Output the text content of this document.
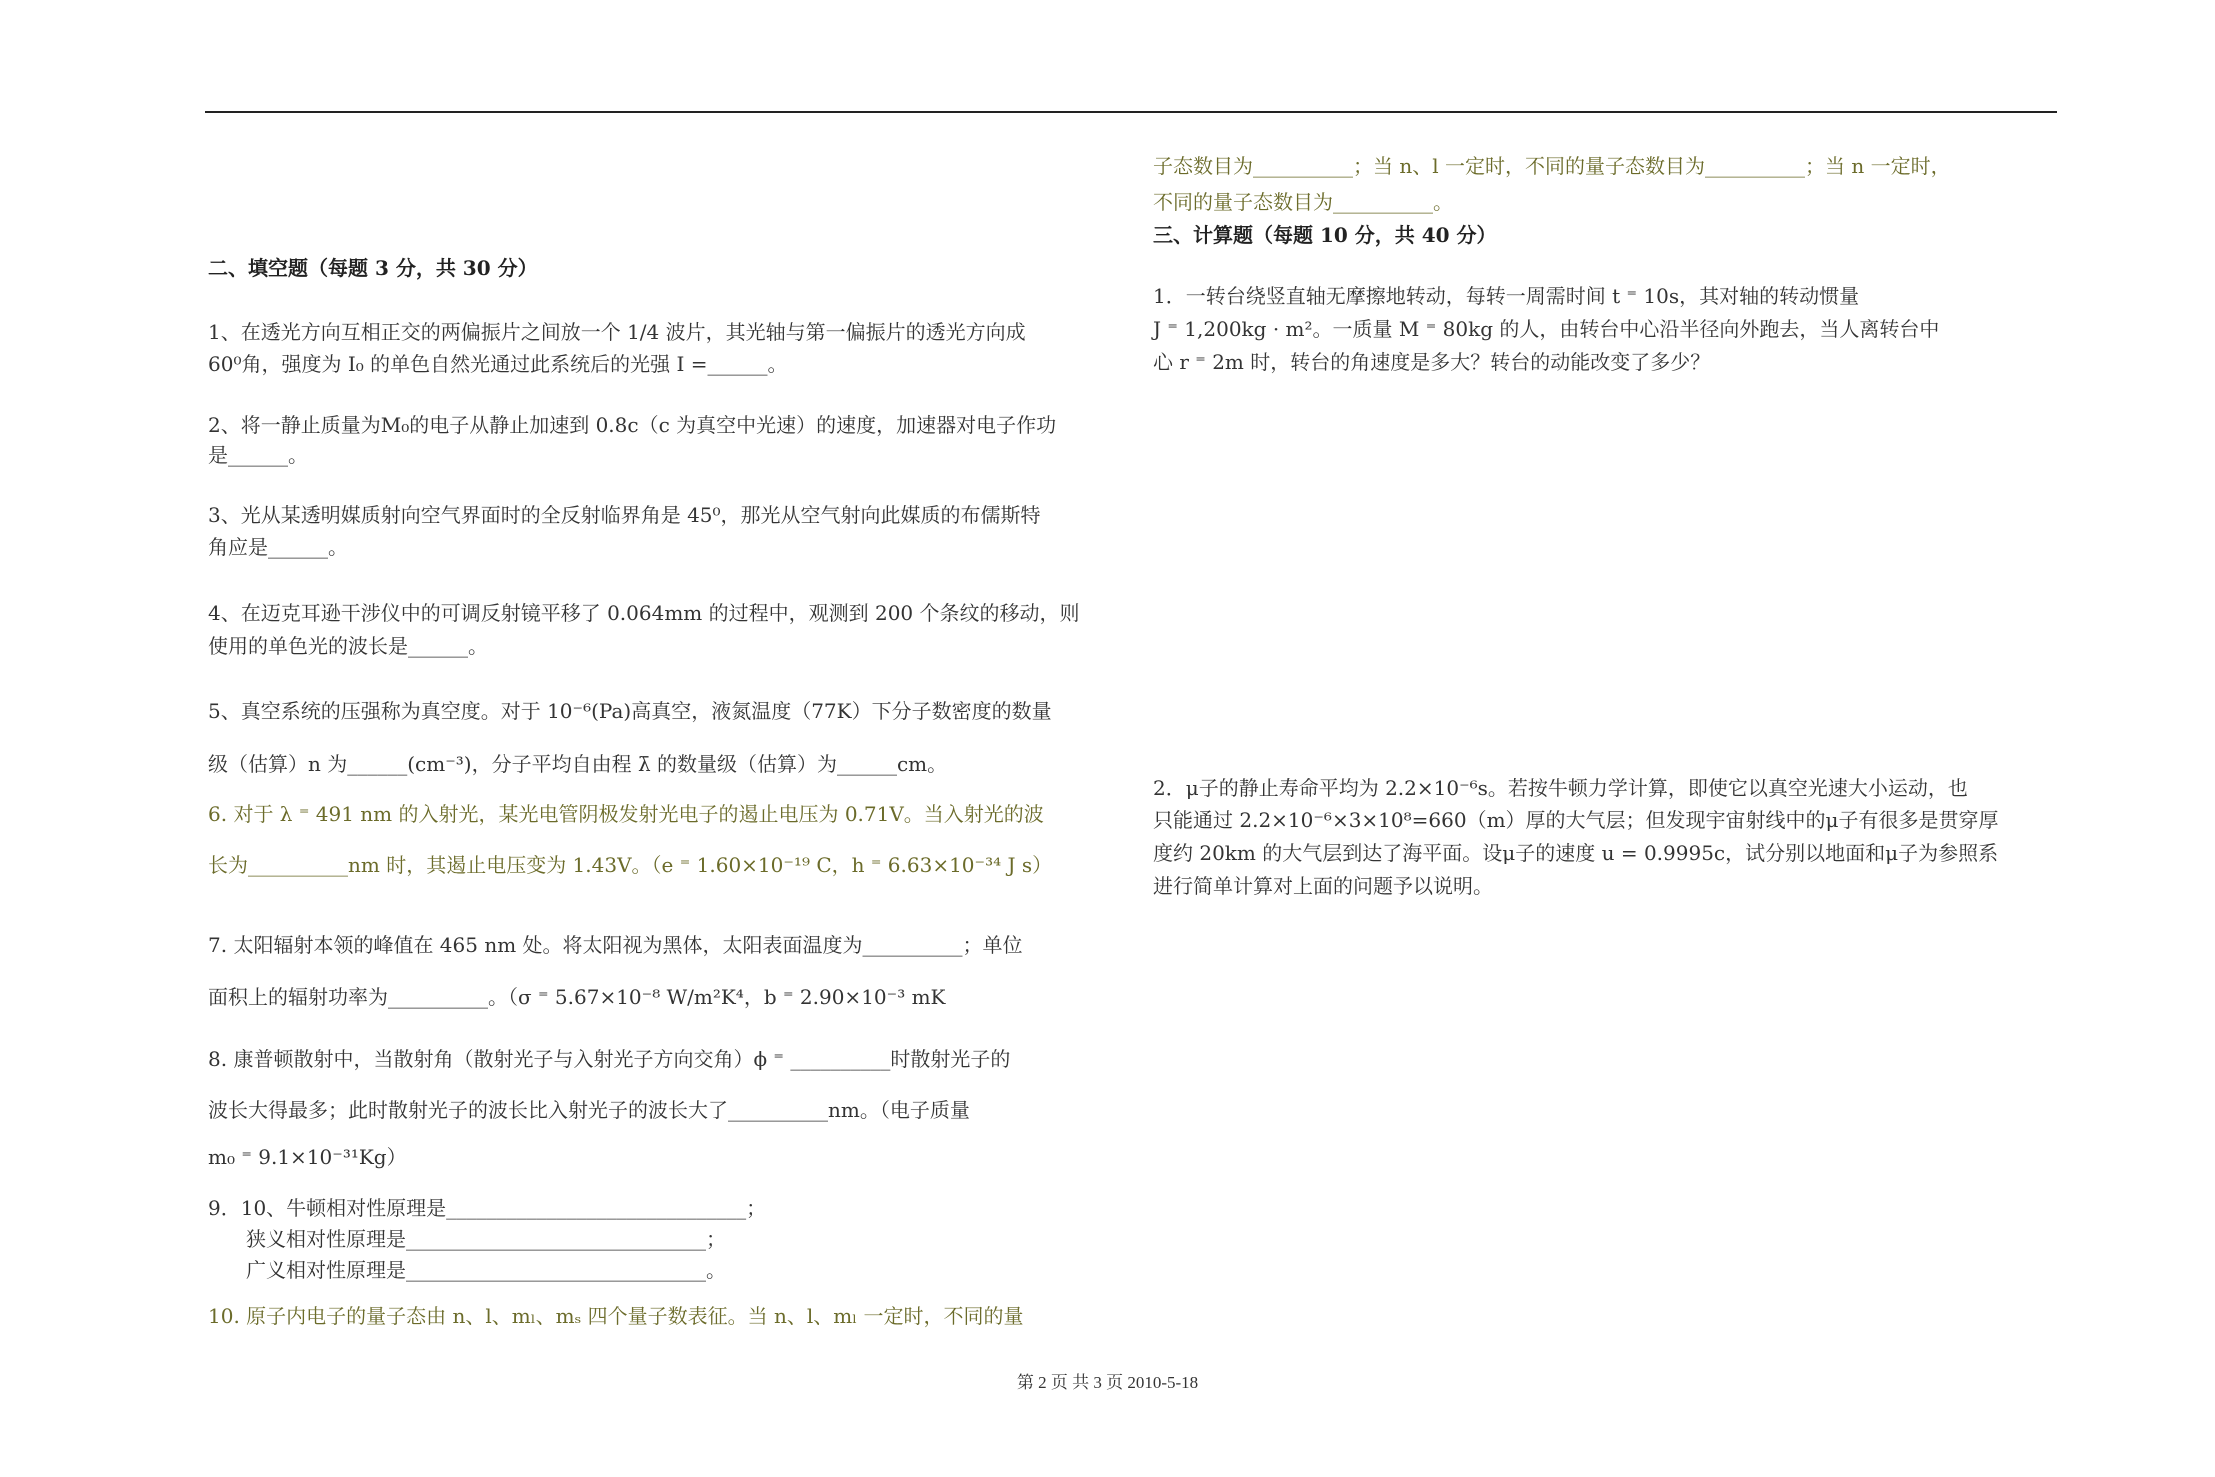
二、填空题（每题 3 分，共 30 分）
1、在透光方向互相正交的两偏振片之间放一个 1/4 波片，其光轴与第一偏振片的透光方向成
60⁰角，强度为 I₀ 的单色自然光通过此系统后的光强 I =______。
2、将一静止质量为M₀的电子从静止加速到 0.8c（c 为真空中光速）的速度，加速器对电子作功
是______。
3、光从某透明媒质射向空气界面时的全反射临界角是 45⁰，那光从空气射向此媒质的布儒斯特
角应是______。
4、在迈克耳逊干涉仪中的可调反射镜平移了 0.064mm 的过程中，观测到 200 个条纹的移动，则
使用的单色光的波长是______。
5、真空系统的压强称为真空度。对于 10⁻⁶(Pa)高真空，液氮温度（77K）下分子数密度的数量
级（估算）n 为______(cm⁻³)，分子平均自由程 λ̄ 的数量级（估算）为______cm。
6. 对于 λ ⁼ 491 nm 的入射光，某光电管阴极发射光电子的遏止电压为 0.71V。当入射光的波
长为__________nm 时，其遏止电压变为 1.43V。（e ⁼ 1.60×10⁻¹⁹ C，h ⁼ 6.63×10⁻³⁴ J s）
7. 太阳辐射本领的峰值在 465 nm 处。将太阳视为黑体，太阳表面温度为__________；单位
面积上的辐射功率为__________。（σ ⁼ 5.67×10⁻⁸ W/m²K⁴，b ⁼ 2.90×10⁻³ mK
8. 康普顿散射中，当散射角（散射光子与入射光子方向交角）ϕ ⁼ __________时散射光子的
波长大得最多；此时散射光子的波长比入射光子的波长大了__________nm。（电子质量
m₀ ⁼ 9.1×10⁻³¹Kg）
9．10、牛顿相对性原理是______________________________；
狭义相对性原理是______________________________；
广义相对性原理是______________________________。
10. 原子内电子的量子态由 n、l、mₗ、mₛ 四个量子数表征。当 n、l、mₗ 一定时，不同的量
子态数目为__________；当 n、l 一定时，不同的量子态数目为__________；当 n 一定时，
不同的量子态数目为__________。
三、计算题（每题 10 分，共 40 分）
1．一转台绕竖直轴无摩擦地转动，每转一周需时间 t ⁼ 10s，其对轴的转动惯量
J ⁼ 1,200kg · m²。一质量 M ⁼ 80kg 的人，由转台中心沿半径向外跑去，当人离转台中
心 r ⁼ 2m 时，转台的角速度是多大？转台的动能改变了多少？
2．μ子的静止寿命平均为 2.2×10⁻⁶s。若按牛顿力学计算，即使它以真空光速大小运动，也
只能通过 2.2×10⁻⁶×3×10⁸=660（m）厚的大气层；但发现宇宙射线中的μ子有很多是贯穿厚
度约 20km 的大气层到达了海平面。设μ子的速度 u = 0.9995c，试分别以地面和μ子为参照系
进行简单计算对上面的问题予以说明。
第 2 页 共 3 页 2010-5-18
